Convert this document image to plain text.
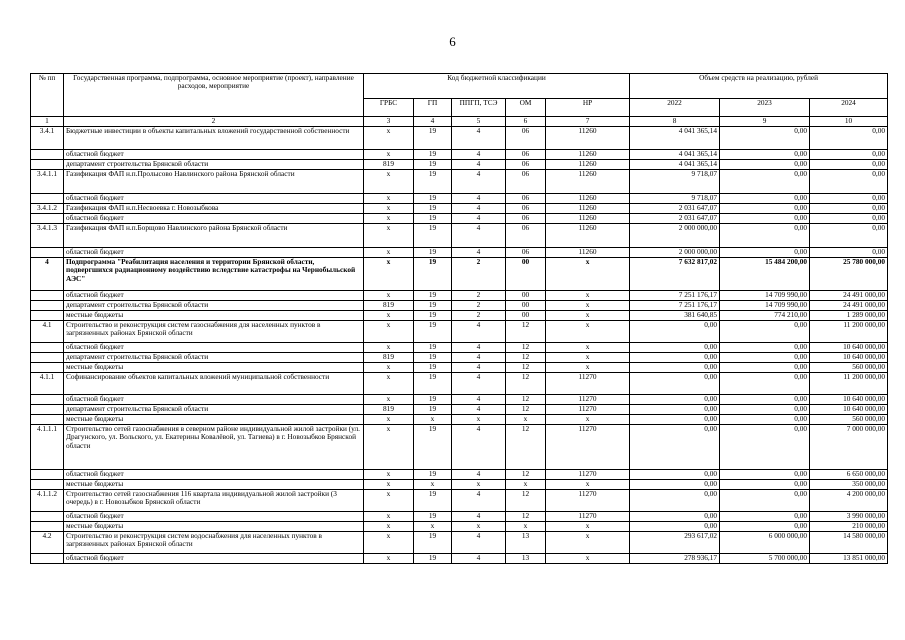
6
№ пп	Государственная программа, подпрограмма, основное мероприятие (проект), направление расходов, мероприятие	Код бюджетной классификации					Объем средств на реализацию, рублей		
		ГРБС	ГП	ППГП, ТСЭ	ОМ	НР	2022	2023	2024
1	2	3	4	5	6	7	8	9	10
3.4.1	Бюджетные инвестиции в объекты капитальных вложений государственной собственности	x	19	4	06	11260	4 041 365,14	0,00	0,00
	областной бюджет	x	19	4	06	11260	4 041 365,14	0,00	0,00
	департамент строительства Брянской области	819	19	4	06	11260	4 041 365,14	0,00	0,00
3.4.1.1	Газификация ФАП н.п.Пролысово Навлинского района Брянской области	x	19	4	06	11260	9 718,07	0,00	0,00
	областной бюджет	x	19	4	06	11260	9 718,07	0,00	0,00
3.4.1.2	Газификация ФАП н.п.Несвоевка г. Новозыбкова	x	19	4	06	11260	2 031 647,07	0,00	0,00
	областной бюджет	x	19	4	06	11260	2 031 647,07	0,00	0,00
3.4.1.3	Газификация ФАП н.п.Борщово Навлинского района Брянской области	x	19	4	06	11260	2 000 000,00	0,00	0,00
	областной бюджет	x	19	4	06	11260	2 000 000,00	0,00	0,00
4	Подпрограмма "Реабилитация населения и территории Брянской области, подвергшихся радиационному воздействию вследствие катастрофы на Чернобыльской АЭС"	x	19	2	00	x	7 632 817,02	15 484 200,00	25 780 000,00
	областной бюджет	x	19	2	00	x	7 251 176,17	14 709 990,00	24 491 000,00
	департамент строительства Брянской области	819	19	2	00	x	7 251 176,17	14 709 990,00	24 491 000,00
	местные бюджеты	x	19	2	00	x	381 640,85	774 210,00	1 289 000,00
4.1	Строительство и реконструкция систем газоснабжения для населенных пунктов в загрязненных районах Брянской области	x	19	4	12	x	0,00	0,00	11 200 000,00
	областной бюджет	x	19	4	12	x	0,00	0,00	10 640 000,00
	департамент строительства Брянской области	819	19	4	12	x	0,00	0,00	10 640 000,00
	местные бюджеты	x	19	4	12	x	0,00	0,00	560 000,00
4.1.1	Софинансирование объектов капитальных вложений муниципальной собственности	x	19	4	12	11270	0,00	0,00	11 200 000,00
	областной бюджет	x	19	4	12	11270	0,00	0,00	10 640 000,00
	департамент строительства Брянской области	819	19	4	12	11270	0,00	0,00	10 640 000,00
	местные бюджеты	x	x	x	x	x	0,00	0,00	560 000,00
4.1.1.1	Строительство сетей газоснабжения в северном районе индивидуальной жилой застройки (ул. Драгунского, ул. Вольского, ул. Екатерины Ковалёвой, ул. Тагиева) в г. Новозыбков Брянской области	x	19	4	12	11270	0,00	0,00	7 000 000,00
	областной бюджет	x	19	4	12	11270	0,00	0,00	6 650 000,00
	местные бюджеты	x	x	x	x	x	0,00	0,00	350 000,00
4.1.1.2	Строительство сетей газоснабжения 116 квартала индивидуальной жилой застройки (3 очередь) в г. Новозыбков Брянской области	x	19	4	12	11270	0,00	0,00	4 200 000,00
	областной бюджет	x	19	4	12	11270	0,00	0,00	3 990 000,00
	местные бюджеты	x	x	x	x	x	0,00	0,00	210 000,00
4.2	Строительство и реконструкция систем водоснабжения для населенных пунктов в загрязненных районах Брянской области	x	19	4	13	x	293 617,02	6 000 000,00	14 580 000,00
	областной бюджет	x	19	4	13	x	278 936,17	5 700 000,00	13 851 000,00
